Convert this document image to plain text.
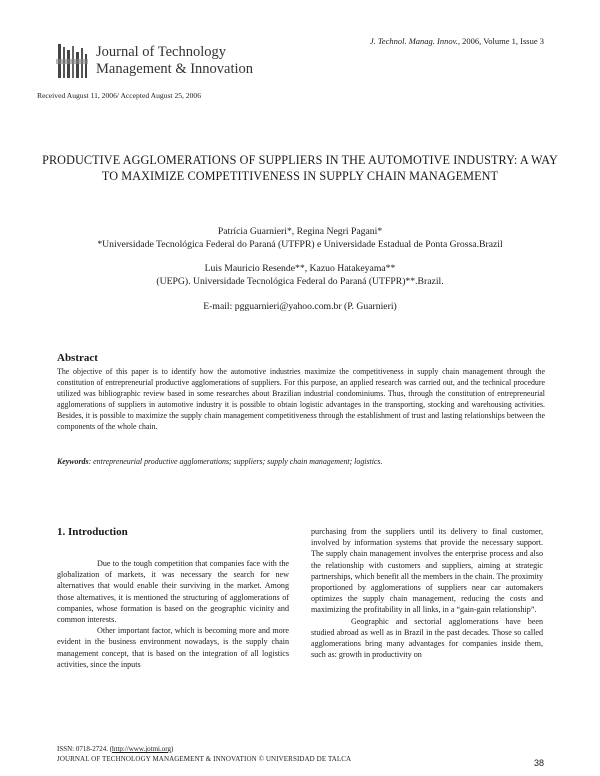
J. Technol. Manag. Innov., 2006, Volume 1, Issue 3
Journal of Technology
Management & Innovation
Received August 11, 2006/ Accepted August 25, 2006
PRODUCTIVE AGGLOMERATIONS OF SUPPLIERS IN THE AUTOMOTIVE INDUSTRY: A WAY TO MAXIMIZE COMPETITIVENESS IN SUPPLY CHAIN MANAGEMENT
Patrícia Guarnieri*, Regina Negri Pagani*
*Universidade Tecnológica Federal do Paraná (UTFPR) e Universidade Estadual de Ponta Grossa.Brazil
Luis Mauricio Resende**, Kazuo Hatakeyama**
(UEPG). Universidade Tecnológica Federal do Paraná (UTFPR)**.Brazil.
E-mail: pgguarnieri@yahoo.com.br (P. Guarnieri)
Abstract
The objective of this paper is to identify how the automotive industries maximize the competitiveness in supply chain management through the constitution of entrepreneurial productive agglomerations of suppliers. For this purpose, an applied research was carried out, and the technical procedure utilized was bibliographic review based in some researches about Brazilian industrial condominiums. Thus, through the constitution of entrepreneurial agglomerations of suppliers in automotive industry it is possible to obtain logistic advantages in the transporting, stocking and warehousing activities. Besides, it is possible to maximize the supply chain management competitiveness through the establishment of trust and lasting relationships between the components of the whole chain.
Keywords: entrepreneurial productive agglomerations; suppliers; supply chain management; logistics.
1. Introduction

Due to the tough competition that companies face with the globalization of markets, it was necessary the search for new alternatives that would enable their surviving in the market. Among those alternatives, it is mentioned the structuring of agglomerations of companies, whose formation is based on the geographic vicinity and common interests.

Other important factor, which is becoming more and more evident in the business environment nowadays, is the supply chain management concept, that is based on the integration of all logistics activities, since the inputs

purchasing from the suppliers until its delivery to final customer, involved by information systems that provide the necessary support. The supply chain management involves the enterprise process and also the relationship with customers and suppliers, aiming at strategic partnerships, which benefit all the members in the chain. The proximity proportioned by agglomerations of suppliers near car automakers optimizes the supply chain management, reducing the costs and maximizing the profitability in all links, in a “gain-gain relationship”.

Geographic and sectorial agglomerations have been studied abroad as well as in Brazil in the past decades. Those so called agglomerations bring many advantages for companies inside them, such as: growth in productivity on

ISSN: 0718-2724. (http://www.jotmi.org)
JOURNAL OF TECHNOLOGY MANAGEMENT & INNOVATION © UNIVERSIDAD DE TALCA	38
